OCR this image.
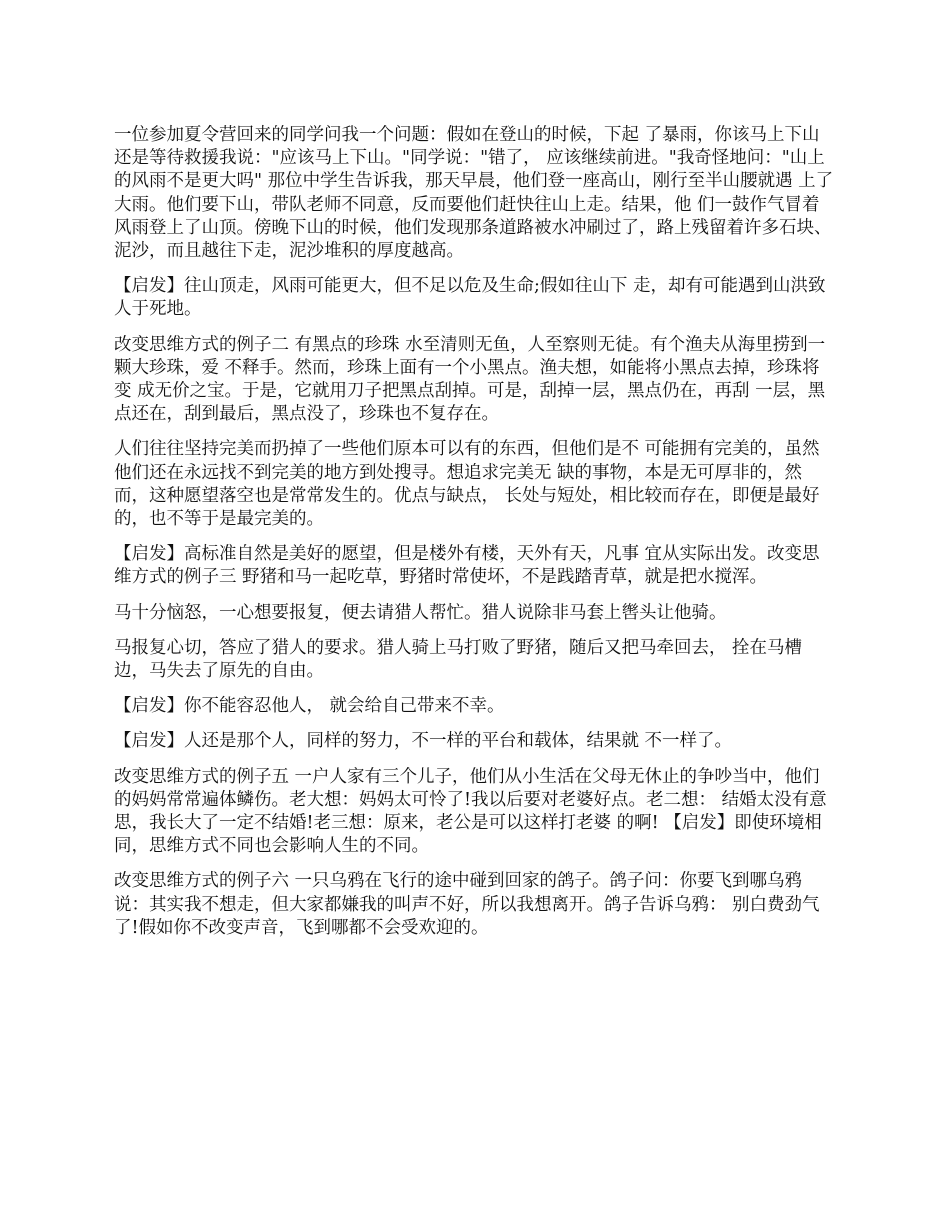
一位参加夏令营回来的同学问我一个问题：假如在登山的时候，下起 了暴雨，你该马上下山还是等待救援我说："应该马上下山。"同学说："错了， 应该继续前进。"我奇怪地问："山上的风雨不是更大吗" 那位中学生告诉我，那天早晨，他们登一座高山，刚行至半山腰就遇 上了大雨。他们要下山，带队老师不同意，反而要他们赶快往山上走。结果，他 们一鼓作气冒着风雨登上了山顶。傍晚下山的时候，他们发现那条道路被水冲刷过了，路上残留着许多石块、泥沙，而且越往下走，泥沙堆积的厚度越高。

【启发】往山顶走，风雨可能更大，但不足以危及生命;假如往山下 走，却有可能遇到山洪致人于死地。

改变思维方式的例子二 有黑点的珍珠 水至清则无鱼，人至察则无徒。有个渔夫从海里捞到一颗大珍珠，爱 不释手。然而，珍珠上面有一个小黑点。渔夫想，如能将小黑点去掉，珍珠将变 成无价之宝。于是，它就用刀子把黑点刮掉。可是，刮掉一层，黑点仍在，再刮 一层，黑点还在，刮到最后，黑点没了，珍珠也不复存在。

人们往往坚持完美而扔掉了一些他们原本可以有的东西，但他们是不 可能拥有完美的，虽然他们还在永远找不到完美的地方到处搜寻。想追求完美无 缺的事物，本是无可厚非的，然而，这种愿望落空也是常常发生的。优点与缺点， 长处与短处，相比较而存在，即便是最好的，也不等于是最完美的。

【启发】高标准自然是美好的愿望，但是楼外有楼，天外有天，凡事 宜从实际出发。改变思维方式的例子三 野猪和马一起吃草，野猪时常使坏，不是践踏青草，就是把水搅浑。

马十分恼怒，一心想要报复，便去请猎人帮忙。猎人说除非马套上辔头让他骑。

马报复心切，答应了猎人的要求。猎人骑上马打败了野猪，随后又把马牵回去， 拴在马槽边，马失去了原先的自由。

【启发】你不能容忍他人， 就会给自己带来不幸。

【启发】人还是那个人，同样的努力，不一样的平台和载体，结果就 不一样了。

改变思维方式的例子五 一户人家有三个儿子，他们从小生活在父母无休止的争吵当中，他们 的妈妈常常遍体鳞伤。老大想：妈妈太可怜了!我以后要对老婆好点。老二想： 结婚太没有意思，我长大了一定不结婚!老三想：原来，老公是可以这样打老婆 的啊! 【启发】即使环境相同，思维方式不同也会影响人生的不同。

改变思维方式的例子六 一只乌鸦在飞行的途中碰到回家的鸽子。鸽子问：你要飞到哪乌鸦 说：其实我不想走，但大家都嫌我的叫声不好，所以我想离开。鸽子告诉乌鸦： 别白费劲气了!假如你不改变声音，飞到哪都不会受欢迎的。
